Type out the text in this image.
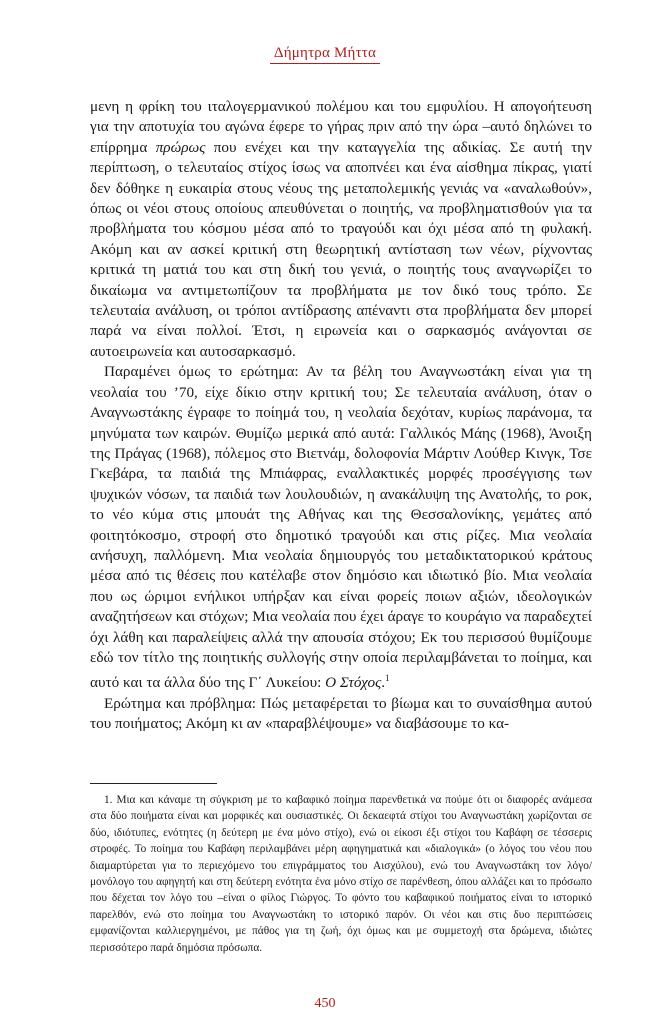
Δήμητρα Μήττα

μενη η φρίκη του ιταλογερμανικού πολέμου και του εμφυλίου. Η απογοήτευση για την αποτυχία του αγώνα έφερε το γήρας πριν από την ώρα –αυτό δηλώνει το επίρρημα πρώρως που ενέχει και την καταγγελία της αδικίας. Σε αυτή την περίπτωση, ο τελευταίος στίχος ίσως να αποπνέει και ένα αίσθημα πίκρας, γιατί δεν δόθηκε η ευκαιρία στους νέους της μεταπολεμικής γενιάς να «αναλωθούν», όπως οι νέοι στους οποίους απευθύνεται ο ποιητής, να προβληματισθούν για τα προβλήματα του κόσμου μέσα από το τραγούδι και όχι μέσα από τη φυλακή. Ακόμη και αν ασκεί κριτική στη θεωρητική αντίσταση των νέων, ρίχνοντας κριτικά τη ματιά του και στη δική του γενιά, ο ποιητής τους αναγνωρίζει το δικαίωμα να αντιμετωπίζουν τα προβλήματα με τον δικό τους τρόπο. Σε τελευταία ανάλυση, οι τρόποι αντίδρασης απέναντι στα προβλήματα δεν μπορεί παρά να είναι πολλοί. Έτσι, η ειρωνεία και ο σαρκασμός ανάγονται σε αυτοειρωνεία και αυτοσαρκασμό.

Παραμένει όμως το ερώτημα: Αν τα βέλη του Αναγνωστάκη είναι για τη νεολαία του ’70, είχε δίκιο στην κριτική του; Σε τελευταία ανάλυση, όταν ο Αναγνωστάκης έγραφε το ποίημά του, η νεολαία δεχόταν, κυρίως παράνομα, τα μηνύματα των καιρών. Θυμίζω μερικά από αυτά: Γαλλικός Μάης (1968), Άνοιξη της Πράγας (1968), πόλεμος στο Βιετνάμ, δολοφονία Μάρτιν Λούθερ Κινγκ, Τσε Γκεβάρα, τα παιδιά της Μπιάφρας, εναλλακτικές μορφές προσέγγισης των ψυχικών νόσων, τα παιδιά των λουλουδιών, η ανακάλυψη της Ανατολής, το ροκ, το νέο κύμα στις μπουάτ της Αθήνας και της Θεσσαλονίκης, γεμάτες από φοιτητόκοσμο, στροφή στο δημοτικό τραγούδι και στις ρίζες. Μια νεολαία ανήσυχη, παλλόμενη. Μια νεολαία δημιουργός του μεταδικτατορικού κράτους μέσα από τις θέσεις που κατέλαβε στον δημόσιο και ιδιωτικό βίο. Μια νεολαία που ως ώριμοι ενήλικοι υπήρξαν και είναι φορείς ποιων αξιών, ιδεολογικών αναζητήσεων και στόχων; Μια νεολαία που έχει άραγε το κουράγιο να παραδεχτεί όχι λάθη και παραλείψεις αλλά την απουσία στόχου; Εκ του περισσού θυμίζουμε εδώ τον τίτλο της ποιητικής συλλογής στην οποία περιλαμβάνεται το ποίημα, και αυτό και τα άλλα δύο της Γ΄ Λυκείου: Ο Στόχος.$^1$

Ερώτημα και πρόβλημα: Πώς μεταφέρεται το βίωμα και το συναίσθημα αυτού του ποιήματος; Ακόμη κι αν «παραβλέψουμε» να διαβάσουμε το κα-

1. Μια και κάναμε τη σύγκριση με το καβαφικό ποίημα παρενθετικά να πούμε ότι οι διαφορές ανάμεσα στα δύο ποιήματα είναι και μορφικές και ουσιαστικές. Οι δεκαεφτά στίχοι του Αναγνωστάκη χωρίζονται σε δύο, ιδιότυπες, ενότητες (η δεύτερη με ένα μόνο στίχο), ενώ οι είκοσι έξι στίχοι του Καβάφη σε τέσσερις στροφές. Το ποίημα του Καβάφη περιλαμβάνει μέρη αφηγηματικά και «διαλογικά» (ο λόγος του νέου που διαμαρτύρεται για το περιεχόμενο του επιγράμματος του Αισχύλου), ενώ του Αναγνωστάκη τον λόγο/μονόλογο του αφηγητή και στη δεύτερη ενότητα ένα μόνο στίχο σε παρένθεση, όπου αλλάζει και το πρόσωπο που δέχεται τον λόγο του –είναι ο φίλος Γιώργος. Το φόντο του καβαφικού ποιήματος είναι το ιστορικό παρελθόν, ενώ στο ποίημα του Αναγνωστάκη το ιστορικό παρόν. Οι νέοι και στις δυο περιπτώσεις εμφανίζονται καλλιεργημένοι, με πάθος για τη ζωή, όχι όμως και με συμμετοχή στα δρώμενα, ιδιώτες περισσότερο παρά δημόσια πρόσωπα.

450
